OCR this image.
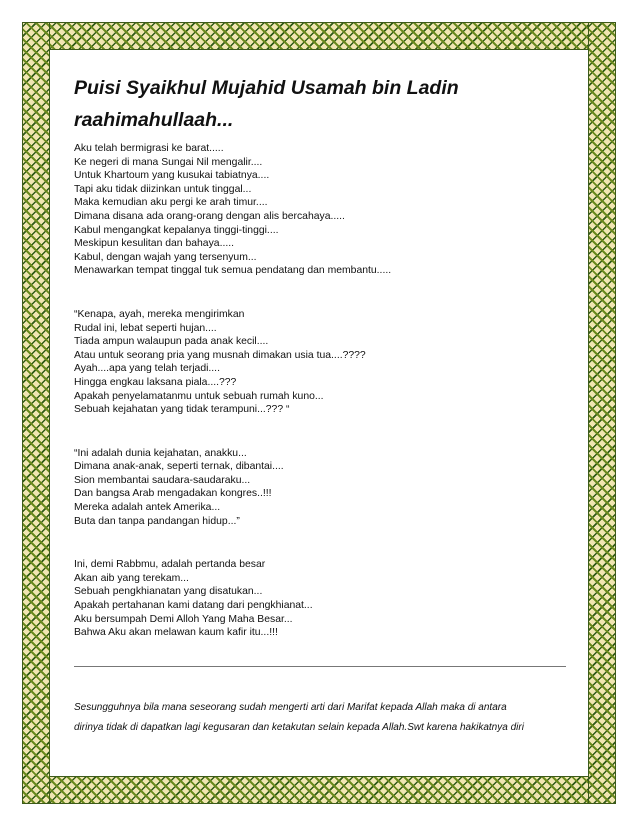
Puisi Syaikhul Mujahid Usamah bin Ladin
raahimahullaah...
Aku telah bermigrasi ke barat.....
Ke negeri di mana Sungai Nil mengalir....
Untuk Khartoum yang kusukai tabiatnya....
Tapi aku tidak diizinkan untuk tinggal...
Maka kemudian aku pergi ke arah timur....
Dimana disana ada orang-orang dengan alis bercahaya.....
Kabul mengangkat kepalanya tinggi-tinggi....
Meskipun kesulitan dan bahaya.....
Kabul, dengan wajah yang tersenyum...
Menawarkan tempat tinggal tuk semua pendatang dan membantu.....
“Kenapa, ayah, mereka mengirimkan
Rudal ini, lebat seperti hujan....
Tiada ampun walaupun pada anak kecil....
Atau untuk seorang pria yang musnah dimakan usia tua....????
Ayah....apa yang telah terjadi....
Hingga engkau laksana piala....???
Apakah penyelamatanmu untuk sebuah rumah kuno...
Sebuah kejahatan yang tidak terampuni...??? “
“Ini adalah dunia kejahatan, anakku...
Dimana anak-anak, seperti ternak, dibantai....
Sion membantai saudara-saudaraku...
Dan bangsa Arab mengadakan kongres..!!!
Mereka adalah antek Amerika...
Buta dan tanpa pandangan hidup...”
Ini, demi Rabbmu, adalah pertanda besar
Akan aib yang terekam...
Sebuah pengkhianatan yang disatukan...
Apakah pertahanan kami datang dari pengkhianat...
Aku bersumpah Demi Alloh Yang Maha Besar...
Bahwa Aku akan melawan kaum kafir itu...!!!
Sesungguhnya bila mana seseorang sudah mengerti arti dari Marifat kepada Allah maka di antara
dirinya tidak di dapatkan lagi kegusaran dan ketakutan selain kepada Allah.Swt karena hakikatnya diri
